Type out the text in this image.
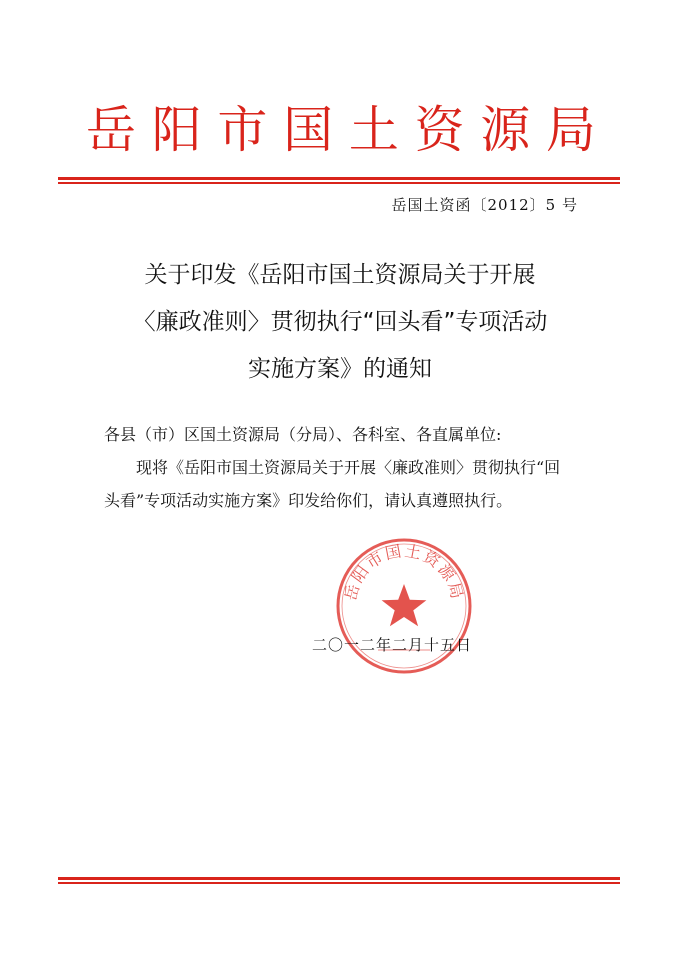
岳 阳 市 国 土 资 源 局
岳国土资函〔2012〕5 号
关于印发《岳阳市国土资源局关于开展
〈廉政准则〉贯彻执行“回头看”专项活动
实施方案》的通知

各县（市）区国土资源局（分局）、各科室、各直属单位:

现将《岳阳市国土资源局关于开展〈廉政准则〉贯彻执行“回头看”专项活动实施方案》印发给你们，请认真遵照执行。

岳阳市国土资源局
二〇一二年二月十五日
